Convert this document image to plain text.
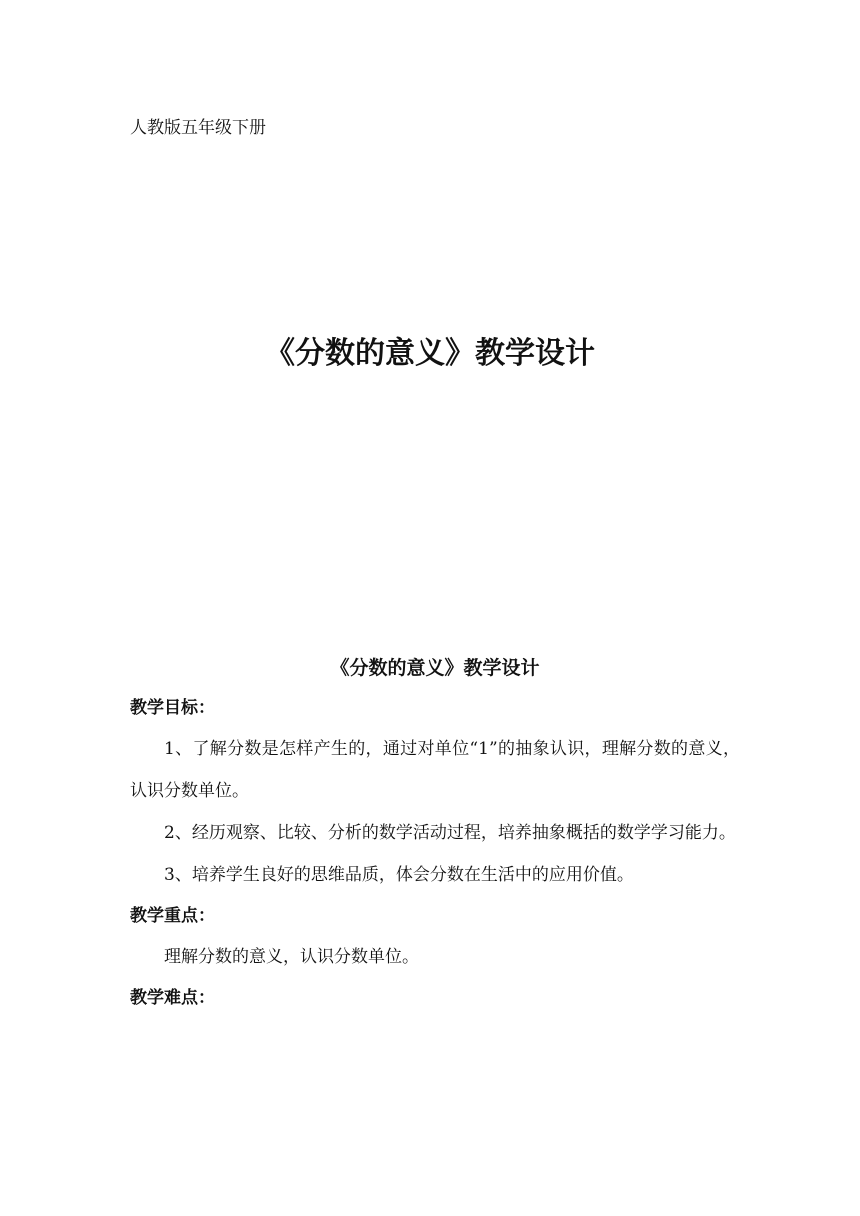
人教版五年级下册
《分数的意义》教学设计

《分数的意义》教学设计

教学目标：

1、了解分数是怎样产生的，通过对单位“1”的抽象认识，理解分数的意义，认识分数单位。

2、经历观察、比较、分析的数学活动过程，培养抽象概括的数学学习能力。

3、培养学生良好的思维品质，体会分数在生活中的应用价值。

教学重点：

理解分数的意义，认识分数单位。

教学难点：
